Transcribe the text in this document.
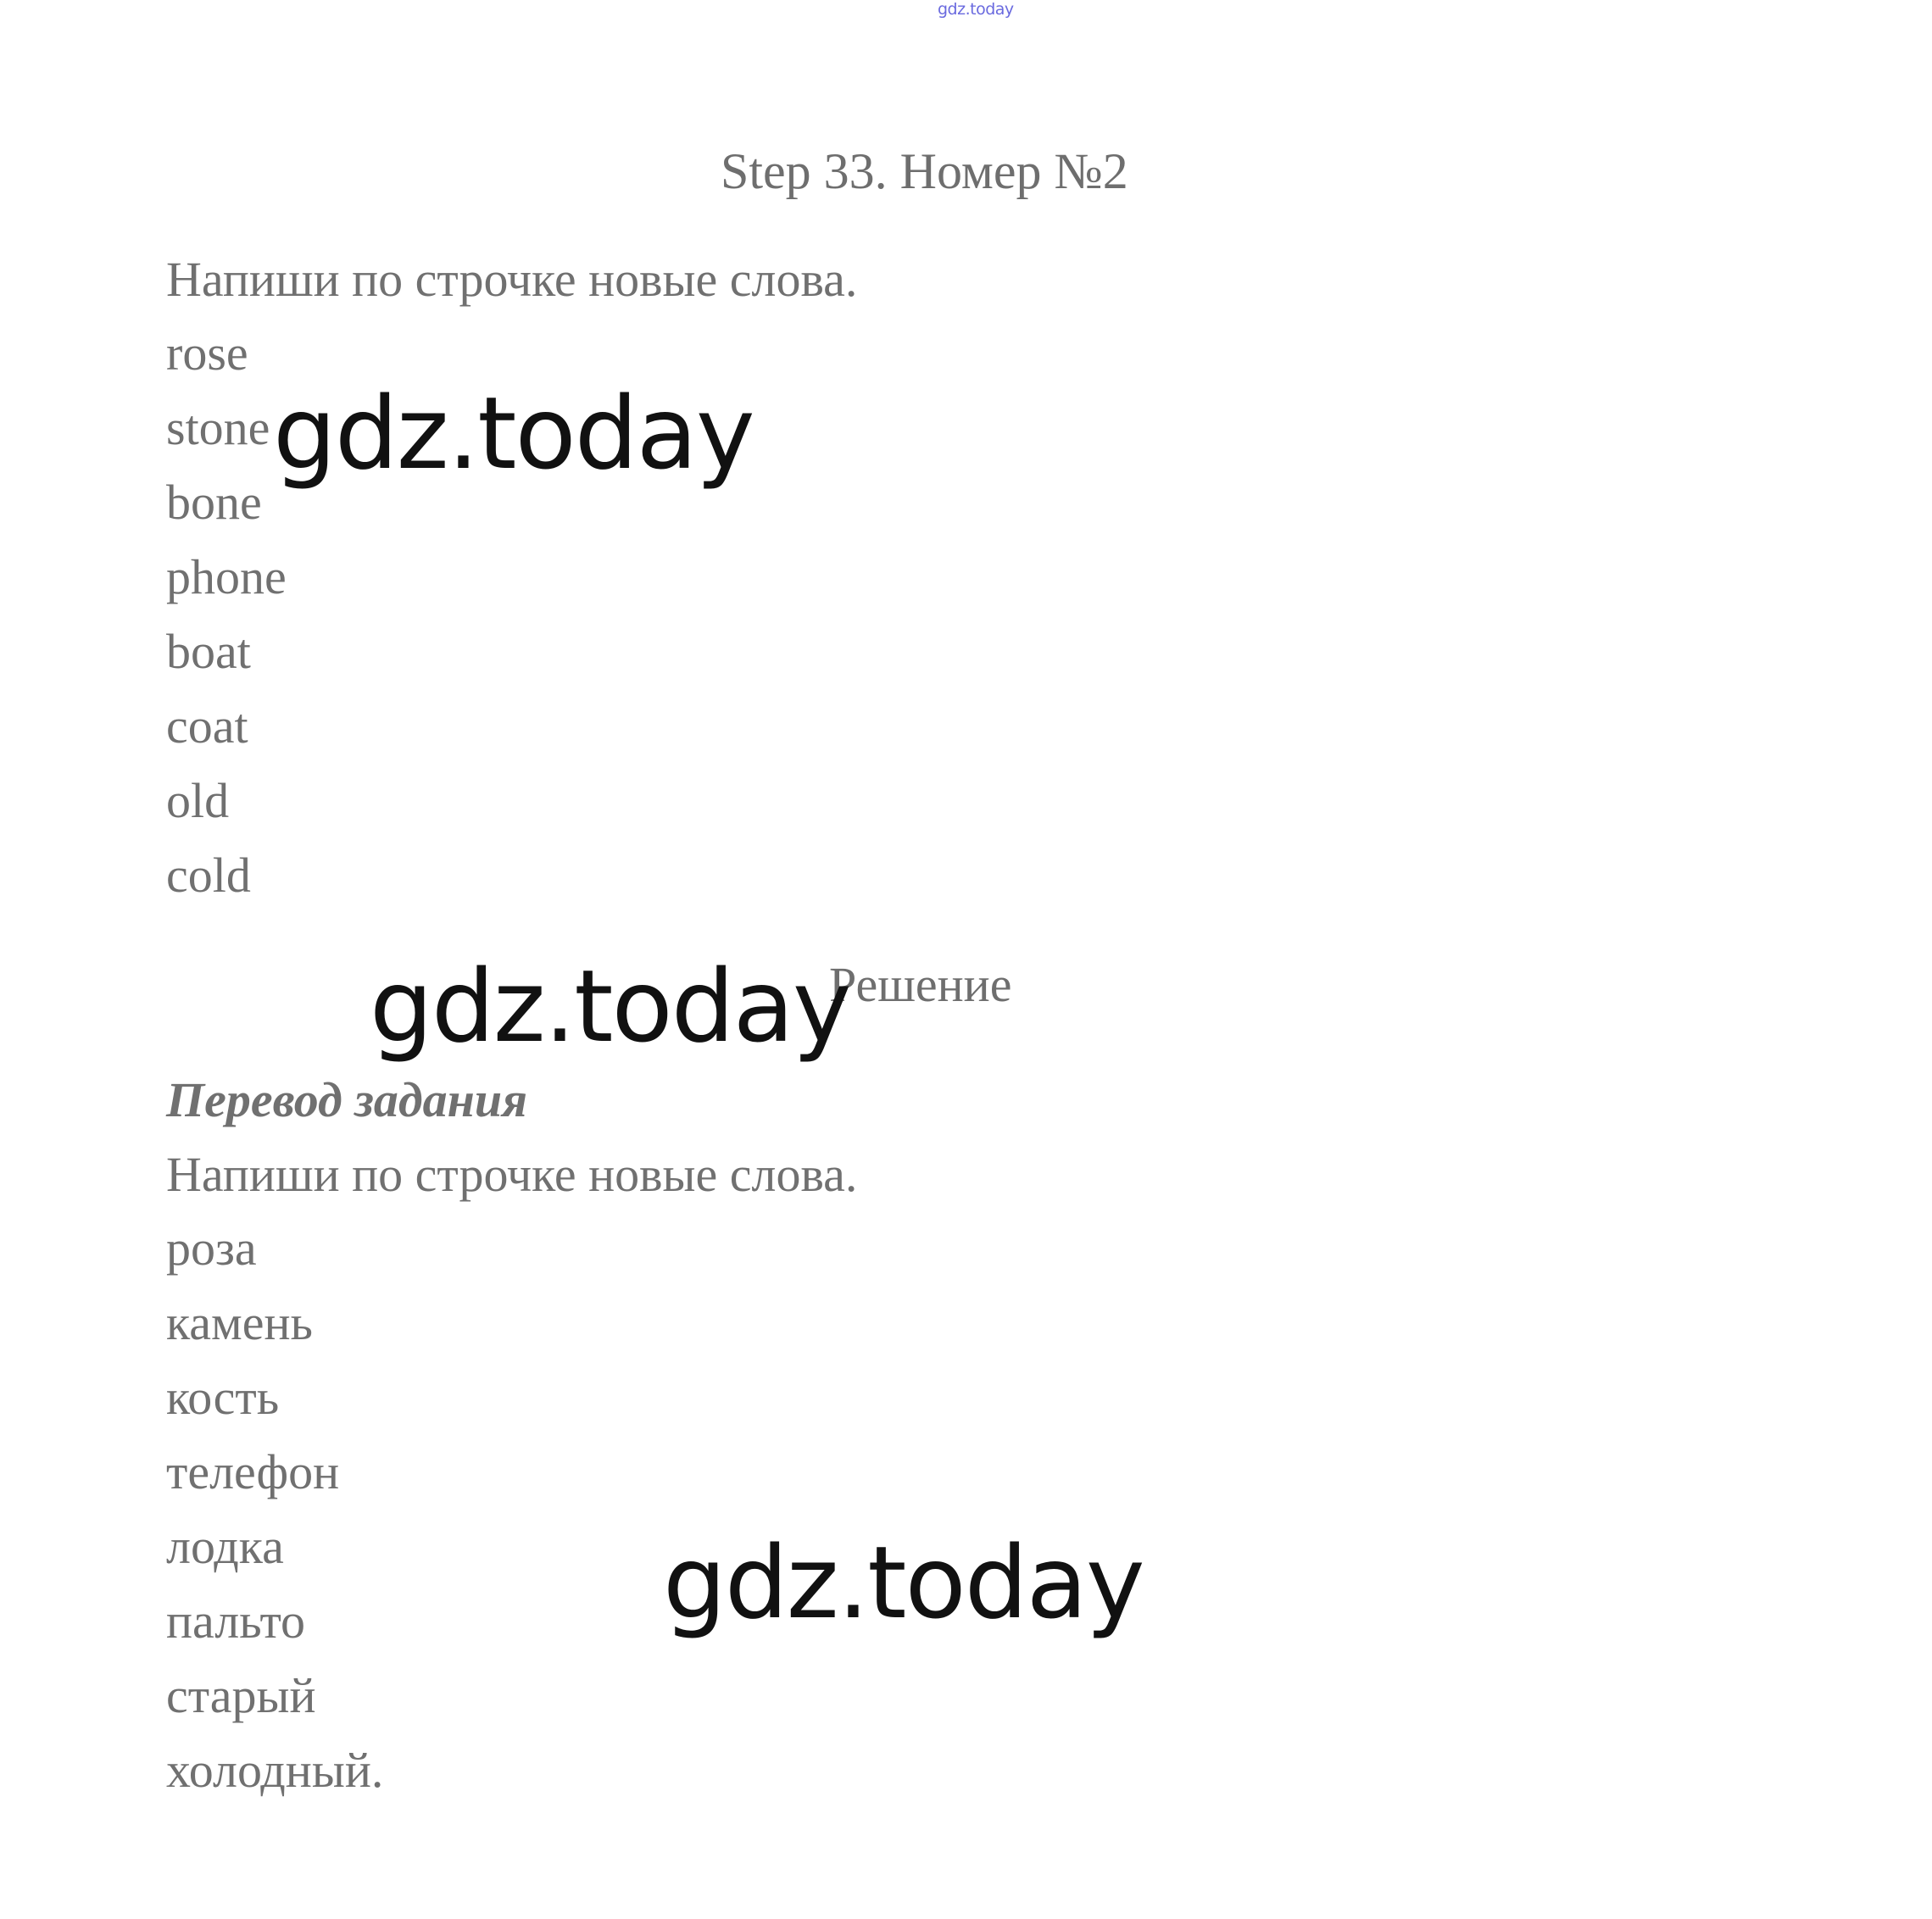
gdz.today
Step 33. Номер №2
Напиши по строчке новые слова.
rose
stone
bone
phone
boat
coat
old
cold
Решение
Перевод задания
Напиши по строчке новые слова.
роза
камень
кость
телефон
лодка
пальто
старый
холодный.
gdz.today
gdz.today
gdz.today
